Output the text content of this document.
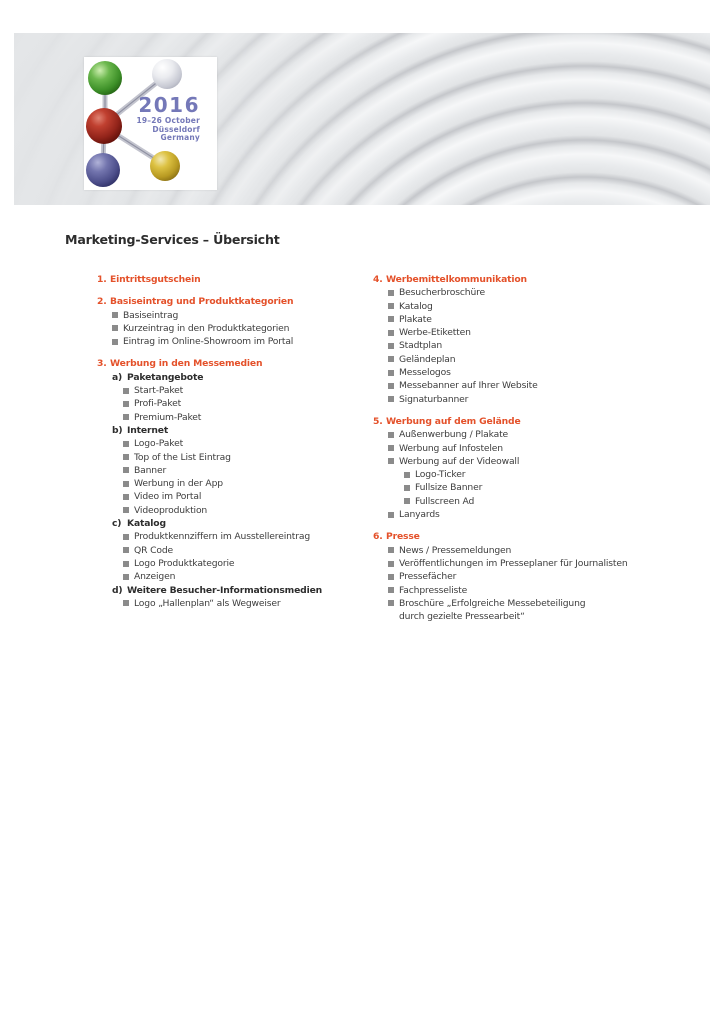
2016
19–26 October
Düsseldorf
Germany
Marketing-Services – Übersicht
1. Eintrittsgutschein
2. Basiseintrag und Produktkategorien
Basiseintrag
Kurzeintrag in den Produktkategorien
Eintrag im Online-Showroom im Portal
3. Werbung in den Messemedien
a) Paketangebote
Start-Paket
Profi-Paket
Premium-Paket
b) Internet
Logo-Paket
Top of the List Eintrag
Banner
Werbung in der App
Video im Portal
Videoproduktion
c) Katalog
Produktkennziffern im Ausstellereintrag
QR Code
Logo Produktkategorie
Anzeigen
d) Weitere Besucher-Informationsmedien
Logo „Hallenplan“ als Wegweiser
4. Werbemittelkommunikation
Besucherbroschüre
Katalog
Plakate
Werbe-Etiketten
Stadtplan
Geländeplan
Messelogos
Messebanner auf Ihrer Website
Signaturbanner
5. Werbung auf dem Gelände
Außenwerbung / Plakate
Werbung auf Infostelen
Werbung auf der Videowall
Logo-Ticker
Fullsize Banner
Fullscreen Ad
Lanyards
6. Presse
News / Pressemeldungen
Veröffentlichungen im Presseplaner für Journalisten
Pressefächer
Fachpresseliste
Broschüre „Erfolgreiche Messebeteiligung
durch gezielte Pressearbeit“
